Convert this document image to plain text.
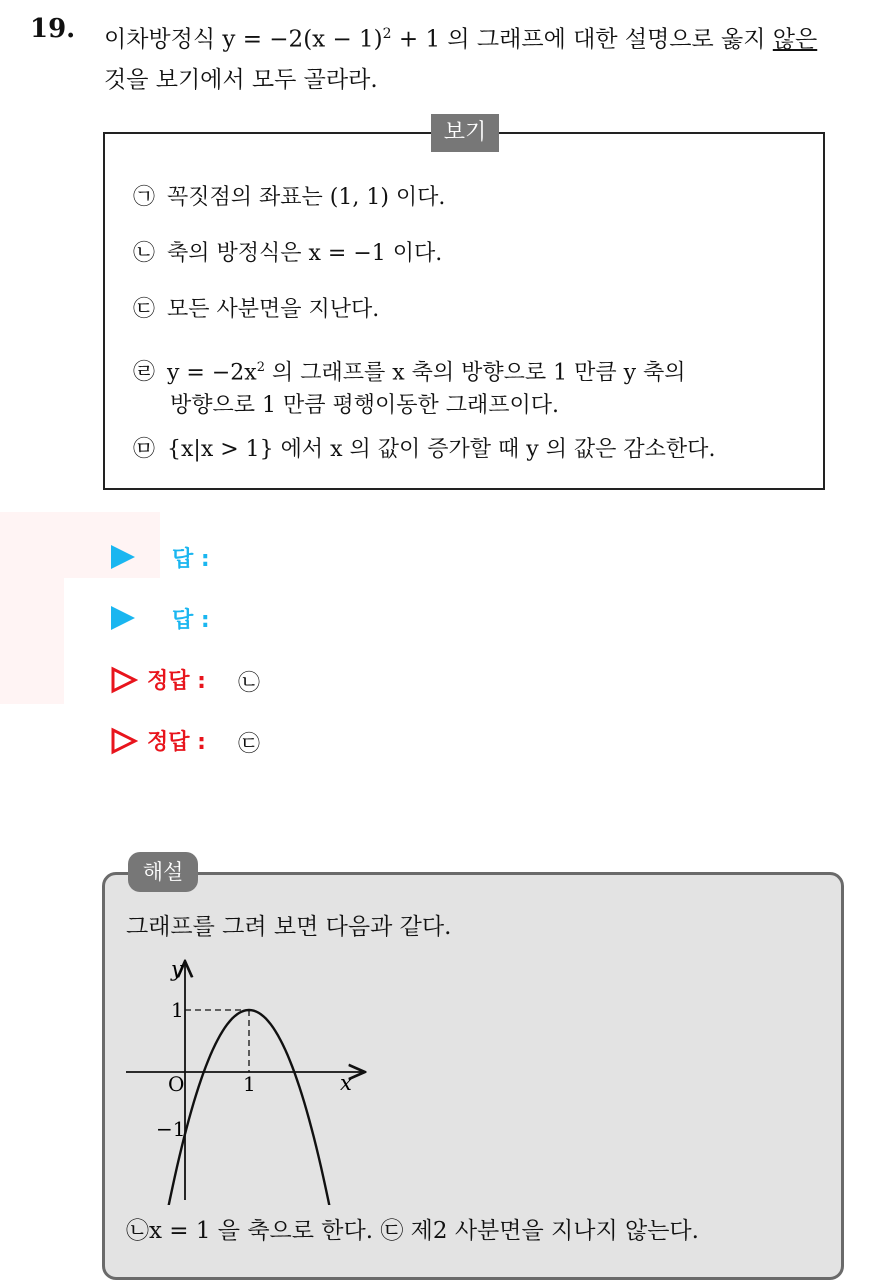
19. 이차방정식 $y = -2(x - 1)^2 + 1$ 의 그래프에 대한 설명으로 옳지 않은
것을 보기에서 모두 골라라.
보기
㉠ 꼭짓점의 좌표는 (1, 1) 이다.
㉡ 축의 방정식은 x = −1 이다.
㉢ 모든 사분면을 지난다.
㉣ $y = -2x^2$ 의 그래프를 x 축의 방향으로 1 만큼 y 축의
방향으로 1 만큼 평행이동한 그래프이다.
㉤ {x|x > 1} 에서 x 의 값이 증가할 때 y 의 값은 감소한다.
답 :
답 :
정답 : ㉡
정답 : ㉢
해설
그래프를 그려 보면 다음과 같다.
y
x
O
1
−1
1
㉡x = 1 을 축으로 한다. ㉢ 제2 사분면을 지나지 않는다.
